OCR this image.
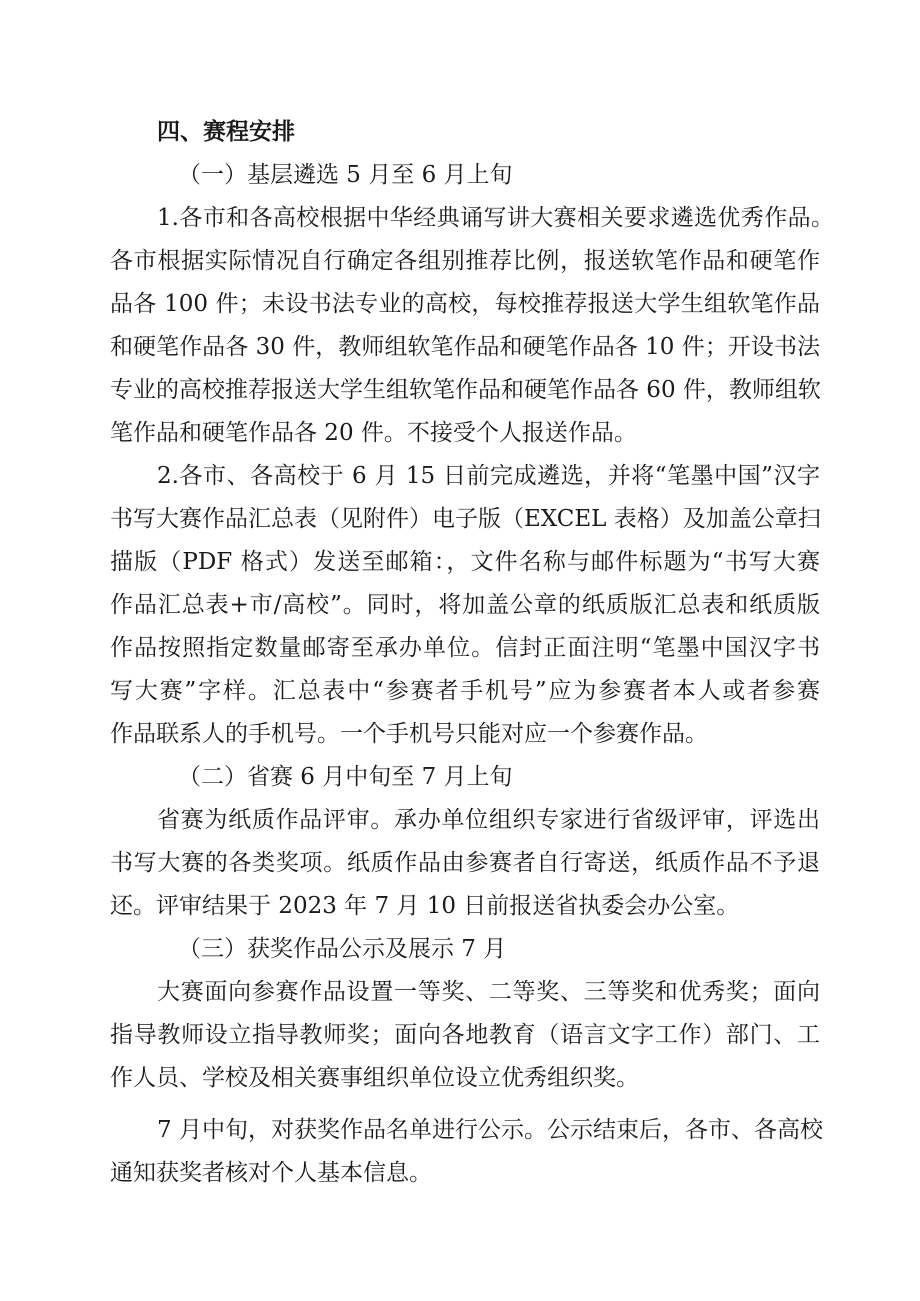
四、赛程安排
（一）基层遴选 5 月至 6 月上旬
1.各市和各高校根据中华经典诵写讲大赛相关要求遴选优秀作品。
各市根据实际情况自行确定各组别推荐比例，报送软笔作品和硬笔作
品各 100 件；未设书法专业的高校，每校推荐报送大学生组软笔作品
和硬笔作品各 30 件，教师组软笔作品和硬笔作品各 10 件；开设书法
专业的高校推荐报送大学生组软笔作品和硬笔作品各 60 件，教师组软
笔作品和硬笔作品各 20 件。不接受个人报送作品。
2.各市、各高校于 6 月 15 日前完成遴选，并将“笔墨中国”汉字
书写大赛作品汇总表（见附件）电子版（EXCEL 表格）及加盖公章扫
描版（PDF 格式）发送至邮箱：，文件名称与邮件标题为“书写大赛
作品汇总表+市/高校”。同时，将加盖公章的纸质版汇总表和纸质版
作品按照指定数量邮寄至承办单位。信封正面注明“笔墨中国汉字书
写大赛”字样。汇总表中“参赛者手机号”应为参赛者本人或者参赛
作品联系人的手机号。一个手机号只能对应一个参赛作品。
（二）省赛 6 月中旬至 7 月上旬
省赛为纸质作品评审。承办单位组织专家进行省级评审，评选出
书写大赛的各类奖项。纸质作品由参赛者自行寄送，纸质作品不予退
还。评审结果于 2023 年 7 月 10 日前报送省执委会办公室。
（三）获奖作品公示及展示 7 月
大赛面向参赛作品设置一等奖、二等奖、三等奖和优秀奖；面向
指导教师设立指导教师奖；面向各地教育（语言文字工作）部门、工
作人员、学校及相关赛事组织单位设立优秀组织奖。
7 月中旬，对获奖作品名单进行公示。公示结束后，各市、各高校
通知获奖者核对个人基本信息。
